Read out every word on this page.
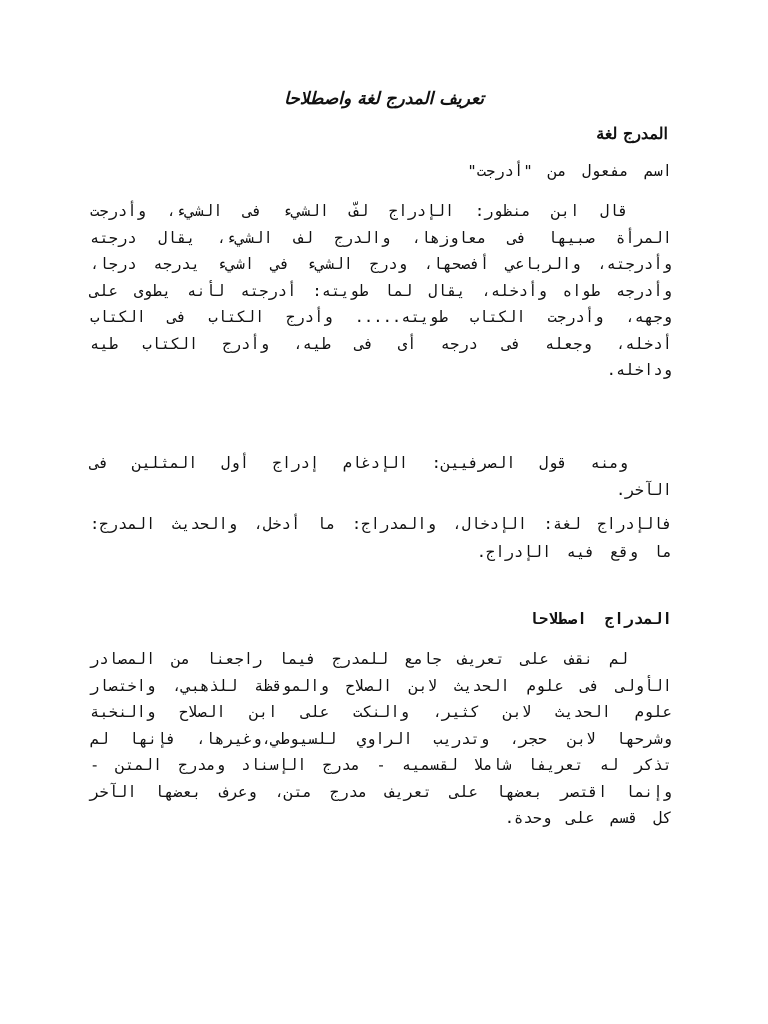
تعريف المدرج لغة واصطلاحا
المدرج لغة

اسم مفعول من "أدرجت"

قال ابن منظور: الإدراج لفّ الشيء فى الشيء، وأدرجت المرأة صبيها فى معاوزها، والدرج لف الشيء، يقال درجته وأدرجته، والرباعي أفصحها، ودرج الشيء في اشيء يدرجه درجا، وأدرجه طواه وأدخله، يقال لما طويته: أدرجته لأنه يطوى على وجهه، وأدرجت الكتاب طويته..... وأدرج الكتاب فى الكتاب أدخله، وجعله فى درجه أى فى طيه، وأدرج الكتاب طيه وداخله.

ومنه قول الصرفيين: الإدغام إدراج أول المثلين فى الآخر.

فالإدراج لغة: الإدخال، والمدراج: ما أدخل، والحديث المدرج: ما وقع فيه الإدراج.

المدراج اصطلاحا

لم نقف على تعريف جامع للمدرج فيما راجعنا من المصادر الأولى فى علوم الحديث لابن الصلاح والموقظة للذهبي، واختصار علوم الحديث لابن كثير، والنكت على ابن الصلاح والنخبة وشرحها لابن حجر، وتدريب الراوي للسيوطي،وغيرها، فإنها لم تذكر له تعريفا شاملا لقسميه - مدرج الإسناد ومدرج المتن - وإنما اقتصر بعضها على تعريف مدرج متن، وعرف بعضها الآخر كل قسم على وحدة.
